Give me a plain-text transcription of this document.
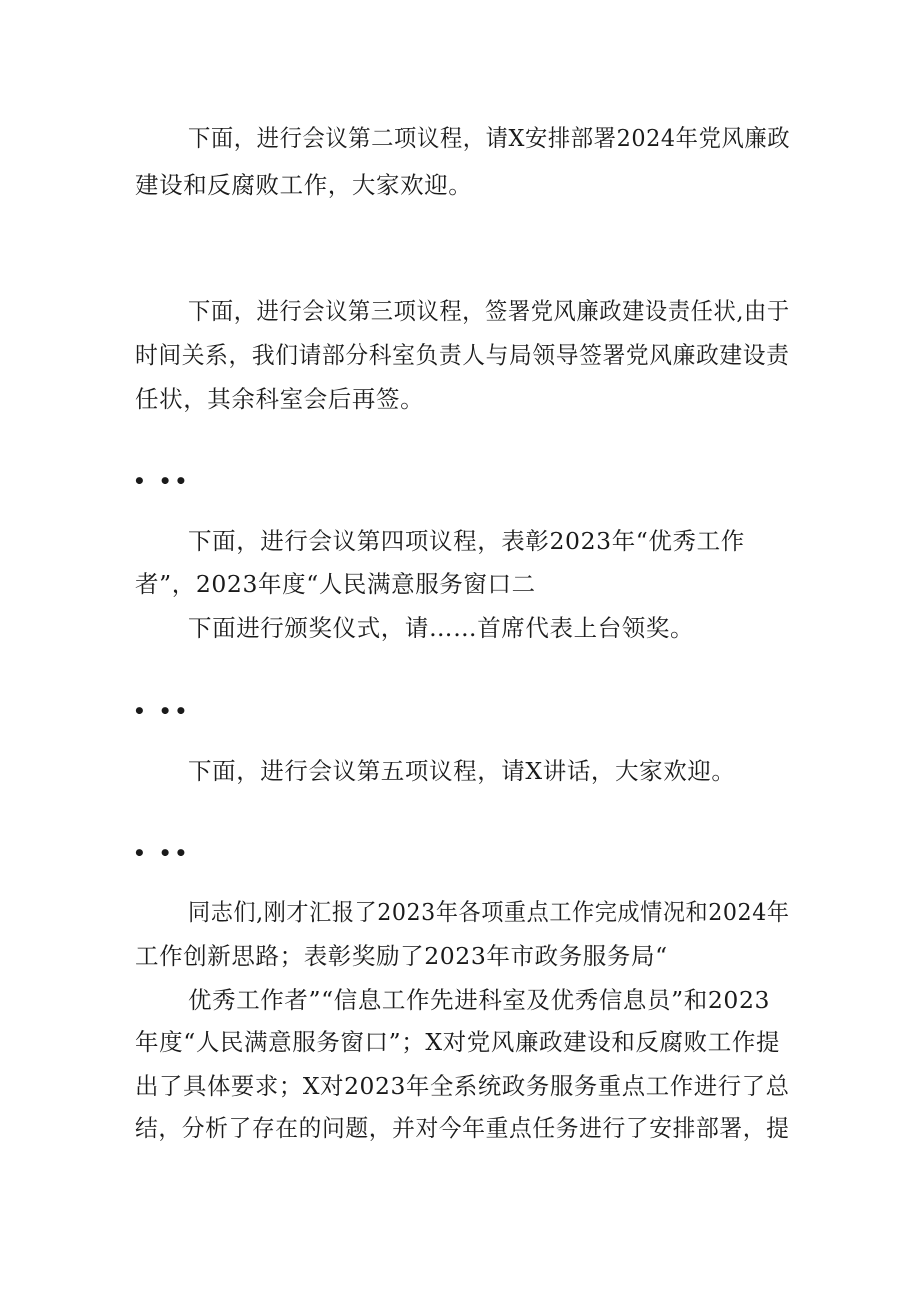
下面，进行会议第二项议程，请X安排部署2024年党风廉政
建设和反腐败工作，大家欢迎。
下面，进行会议第三项议程，签署党风廉政建设责任状,由于
时间关系，我们请部分科室负责人与局领导签署党风廉政建设责
任状，其余科室会后再签。
• ••
下面，进行会议第四项议程，表彰2023年“优秀工作
者”，2023年度“人民满意服务窗口二
下面进行颁奖仪式，请……首席代表上台领奖。
• ••
下面，进行会议第五项议程，请X讲话，大家欢迎。
• ••
同志们,刚才汇报了2023年各项重点工作完成情况和2024年
工作创新思路；表彰奖励了2023年市政务服务局“
优秀工作者”“信息工作先进科室及优秀信息员”和2023
年度“人民满意服务窗口”；X对党风廉政建设和反腐败工作提
出了具体要求；X对2023年全系统政务服务重点工作进行了总
结，分析了存在的问题，并对今年重点任务进行了安排部署，提
